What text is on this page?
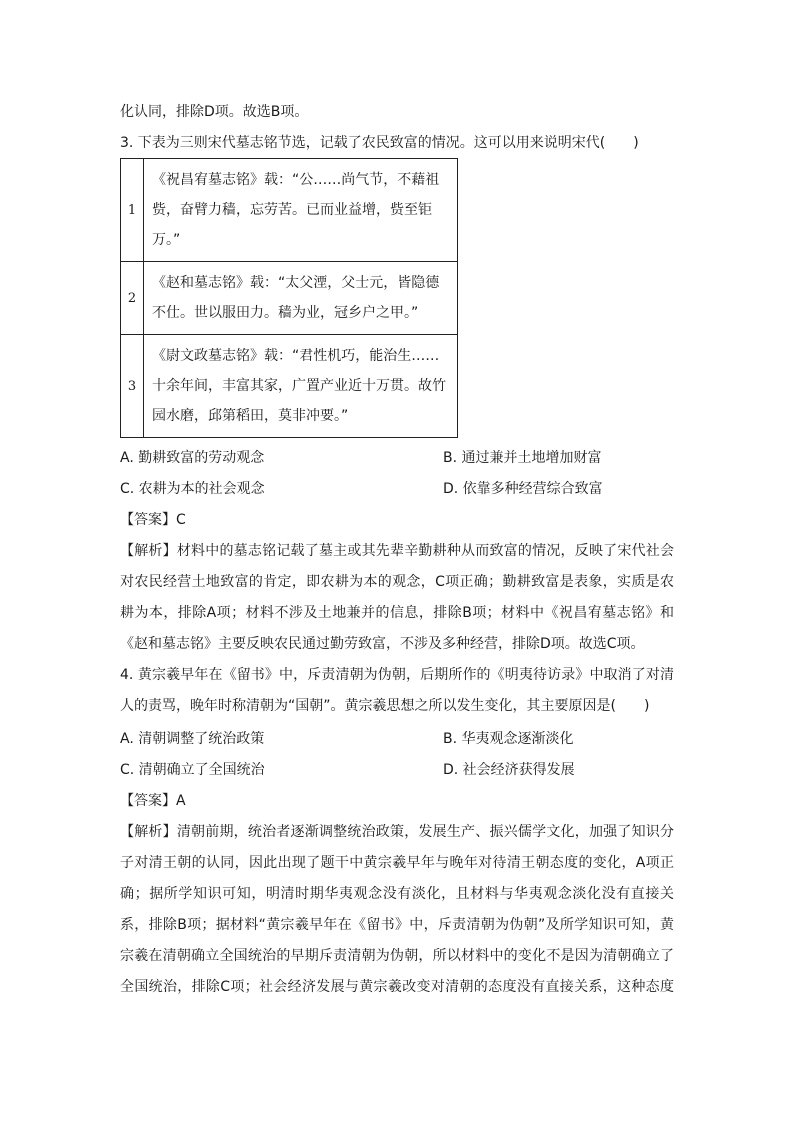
化认同，排除D项。故选B项。
3. 下表为三则宋代墓志铭节选，记载了农民致富的情况。这可以用来说明宋代(　　)
1	《祝昌宥墓志铭》载：“公……尚气节，不藉祖赀，奋臂力穑，忘劳苦。已而业益增，赀至钜万。”
2	《赵和墓志铭》载：“太父湮，父士元，皆隐德不仕。世以服田力。穑为业，冠乡户之甲。”
3	《尉文政墓志铭》载：“君性机巧，能治生……十余年间，丰富其家，广置产业近十万贯。故竹园水磨，邱第稻田，莫非冲要。”
A. 勤耕致富的劳动观念	B. 通过兼并土地增加财富
C. 农耕为本的社会观念	D. 依靠多种经营综合致富
【答案】C
【解析】材料中的墓志铭记载了墓主或其先辈辛勤耕种从而致富的情况，反映了宋代社会
对农民经营土地致富的肯定，即农耕为本的观念，C项正确；勤耕致富是表象，实质是农
耕为本，排除A项；材料不涉及土地兼并的信息，排除B项；材料中《祝昌宥墓志铭》和
《赵和墓志铭》主要反映农民通过勤劳致富，不涉及多种经营，排除D项。故选C项。
4. 黄宗羲早年在《留书》中，斥责清朝为伪朝，后期所作的《明夷待访录》中取消了对清
人的责骂，晚年时称清朝为“国朝”。黄宗羲思想之所以发生变化，其主要原因是(　　)
A. 清朝调整了统治政策	B. 华夷观念逐渐淡化
C. 清朝确立了全国统治	D. 社会经济获得发展
【答案】A
【解析】清朝前期，统治者逐渐调整统治政策，发展生产、振兴儒学文化，加强了知识分
子对清王朝的认同，因此出现了题干中黄宗羲早年与晚年对待清王朝态度的变化，A项正
确；据所学知识可知，明清时期华夷观念没有淡化，且材料与华夷观念淡化没有直接关
系，排除B项；据材料“黄宗羲早年在《留书》中，斥责清朝为伪朝”及所学知识可知，黄
宗羲在清朝确立全国统治的早期斥责清朝为伪朝，所以材料中的变化不是因为清朝确立了
全国统治，排除C项；社会经济发展与黄宗羲改变对清朝的态度没有直接关系，这种态度
